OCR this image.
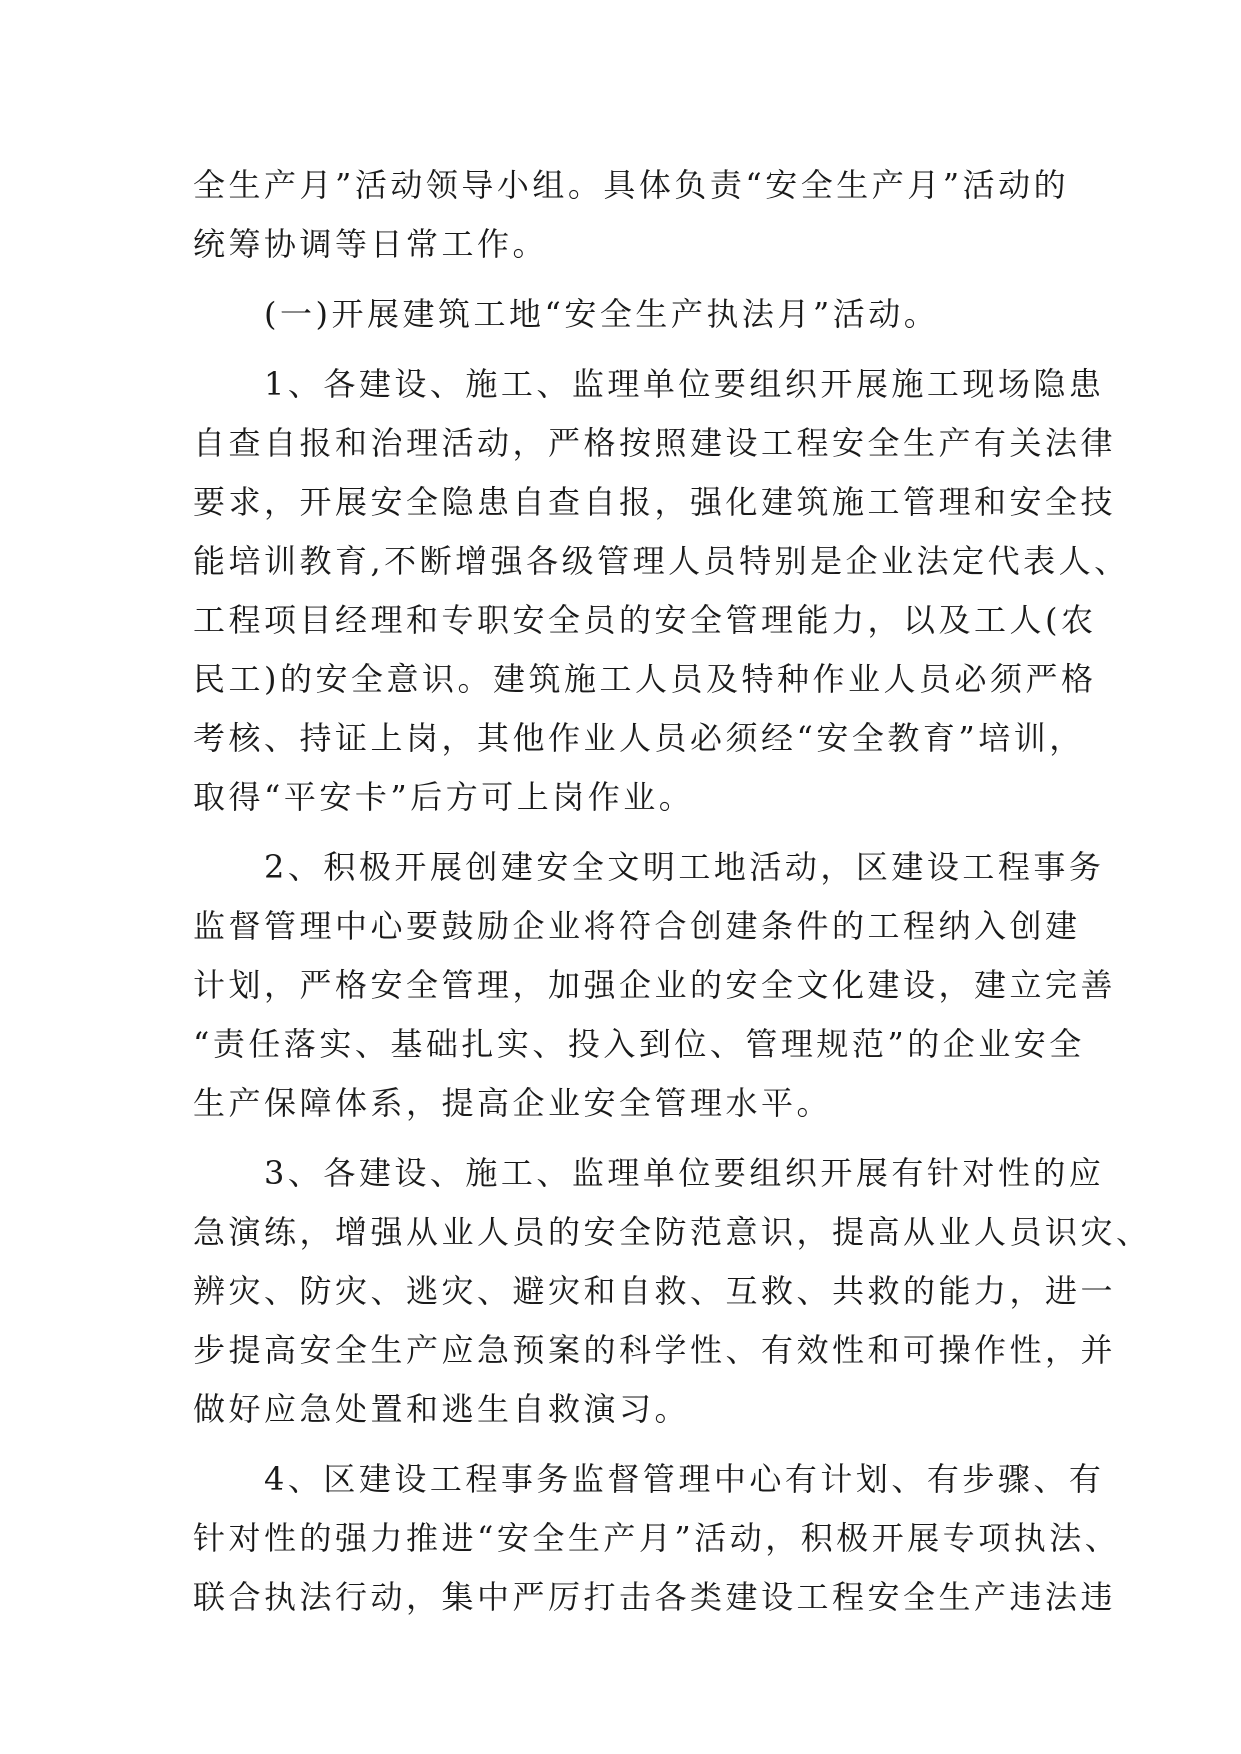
全生产月”活动领导小组。具体负责“安全生产月”活动的
统筹协调等日常工作。
　　(一)开展建筑工地“安全生产执法月”活动。
　　1、各建设、施工、监理单位要组织开展施工现场隐患
自查自报和治理活动，严格按照建设工程安全生产有关法律
要求，开展安全隐患自查自报，强化建筑施工管理和安全技
能培训教育,不断增强各级管理人员特别是企业法定代表人、
工程项目经理和专职安全员的安全管理能力，以及工人(农
民工)的安全意识。建筑施工人员及特种作业人员必须严格
考核、持证上岗，其他作业人员必须经“安全教育”培训，
取得“平安卡”后方可上岗作业。
　　2、积极开展创建安全文明工地活动，区建设工程事务
监督管理中心要鼓励企业将符合创建条件的工程纳入创建
计划，严格安全管理，加强企业的安全文化建设，建立完善
“责任落实、基础扎实、投入到位、管理规范”的企业安全
生产保障体系，提高企业安全管理水平。
　　3、各建设、施工、监理单位要组织开展有针对性的应
急演练，增强从业人员的安全防范意识，提高从业人员识灾、
辨灾、防灾、逃灾、避灾和自救、互救、共救的能力，进一
步提高安全生产应急预案的科学性、有效性和可操作性，并
做好应急处置和逃生自救演习。
　　4、区建设工程事务监督管理中心有计划、有步骤、有
针对性的强力推进“安全生产月”活动，积极开展专项执法、
联合执法行动，集中严厉打击各类建设工程安全生产违法违
